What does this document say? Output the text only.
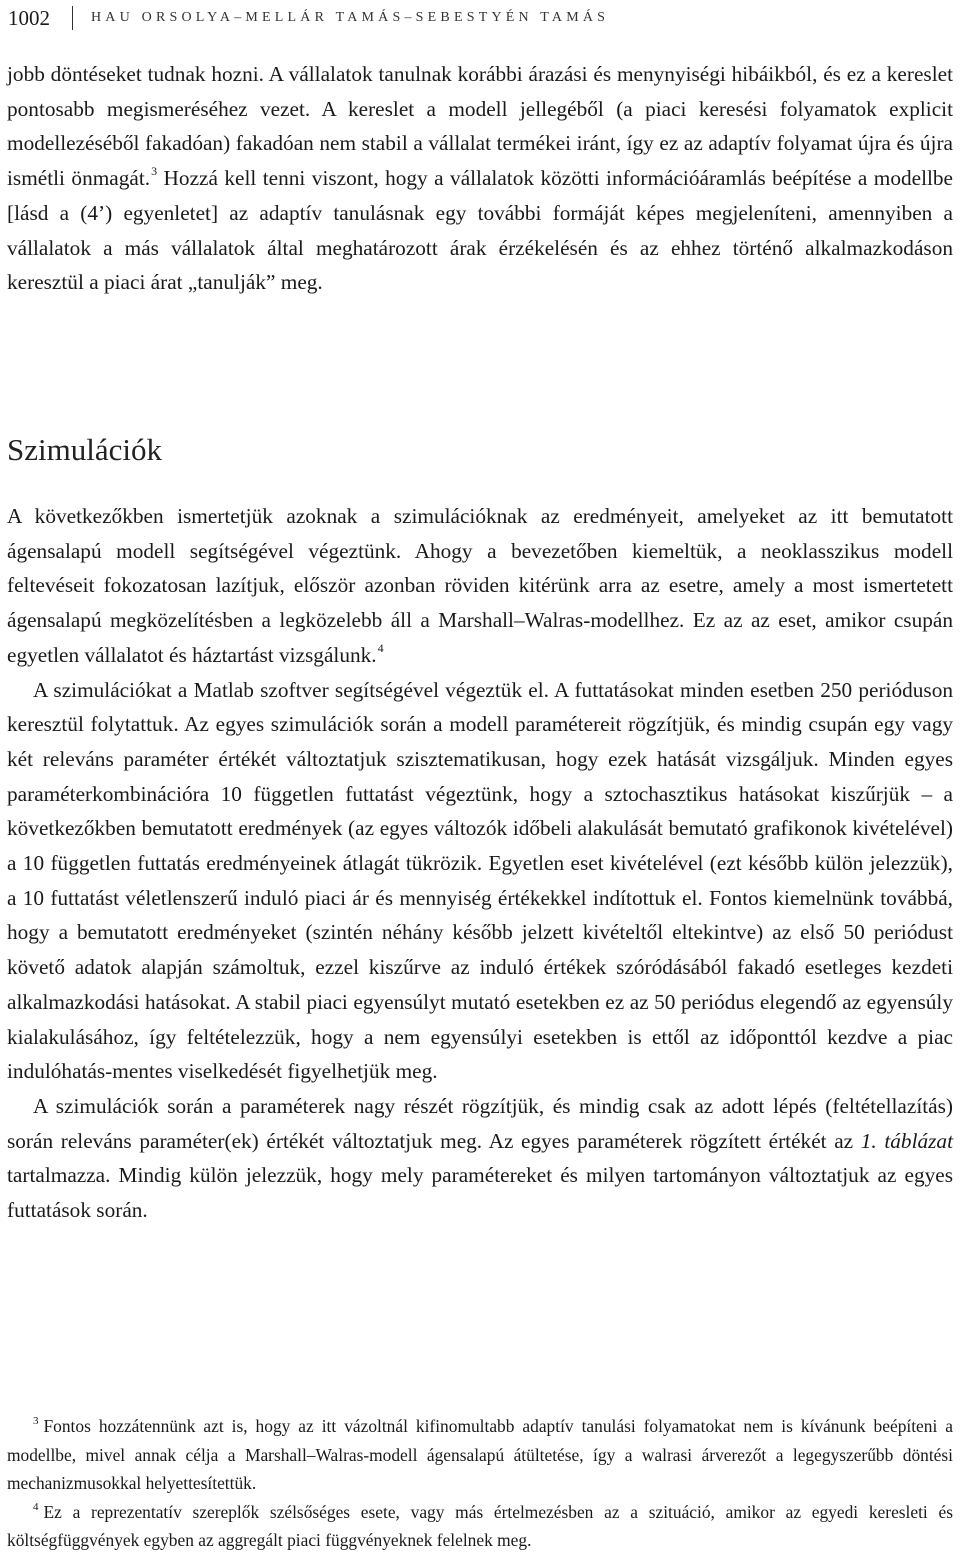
1002	HAU ORSOLYA–MELLÁR TAMÁS–SEBESTYÉN TAMÁS

jobb döntéseket tudnak hozni. A vállalatok tanulnak korábbi árazási és menynyiségi hibáikból, és ez a kereslet pontosabb megismeréséhez vezet. A kereslet a modell jellegéből (a piaci keresési folyamatok explicit modellezéséből fakadóan) fakadóan nem stabil a vállalat termékei iránt, így ez az adaptív folyamat újra és újra ismétli önmagát.$^3$ Hozzá kell tenni viszont, hogy a vállalatok közötti információáramlás beépítése a modellbe [lásd a (4’) egyenletet] az adaptív tanulásnak egy további formáját képes megjeleníteni, amennyiben a vállalatok a más vállalatok által meghatározott árak érzékelésén és az ehhez történő alkalmazkodáson keresztül a piaci árat „tanulják” meg.

Szimulációk

A következőkben ismertetjük azoknak a szimulációknak az eredményeit, amelyeket az itt bemutatott ágensalapú modell segítségével végeztünk. Ahogy a bevezetőben kiemeltük, a neoklasszikus modell feltevéseit fokozatosan lazítjuk, először azonban röviden kitérünk arra az esetre, amely a most ismertetett ágensalapú megközelítésben a legközelebb áll a Marshall–Walras-modellhez. Ez az az eset, amikor csupán egyetlen vállalatot és háztartást vizsgálunk.$^4$

A szimulációkat a Matlab szoftver segítségével végeztük el. A futtatásokat minden esetben 250 perióduson keresztül folytattuk. Az egyes szimulációk során a modell paramétereit rögzítjük, és mindig csupán egy vagy két releváns paraméter értékét változtatjuk szisztematikusan, hogy ezek hatását vizsgáljuk. Minden egyes paraméterkombinációra 10 független futtatást végeztünk, hogy a sztochasztikus hatásokat kiszűrjük – a következőkben bemutatott eredmények (az egyes változók időbeli alakulását bemutató grafikonok kivételével) a 10 független futtatás eredményeinek átlagát tükrözik. Egyetlen eset kivételével (ezt később külön jelezzük), a 10 futtatást véletlenszerű induló piaci ár és mennyiség értékekkel indítottuk el. Fontos kiemelnünk továbbá, hogy a bemutatott eredményeket (szintén néhány később jelzett kivételtől eltekintve) az első 50 periódust követő adatok alapján számoltuk, ezzel kiszűrve az induló értékek szóródásából fakadó esetleges kezdeti alkalmazkodási hatásokat. A stabil piaci egyensúlyt mutató esetekben ez az 50 periódus elegendő az egyensúly kialakulásához, így feltételezzük, hogy a nem egyensúlyi esetekben is ettől az időponttól kezdve a piac indulóhatás-mentes viselkedését figyelhetjük meg.

A szimulációk során a paraméterek nagy részét rögzítjük, és mindig csak az adott lépés (feltétellazítás) során releváns paraméter(ek) értékét változtatjuk meg. Az egyes paraméterek rögzített értékét az 1. táblázat tartalmazza. Mindig külön jelezzük, hogy mely paramétereket és milyen tartományon változtatjuk az egyes futtatások során.

$^3$ Fontos hozzátennünk azt is, hogy az itt vázoltnál kifinomultabb adaptív tanulási folyamatokat nem is kívánunk beépíteni a modellbe, mivel annak célja a Marshall–Walras-modell ágensalapú átültetése, így a walrasi árverezőt a legegyszerűbb döntési mechanizmusokkal helyettesítettük.

$^4$ Ez a reprezentatív szereplők szélsőséges esete, vagy más értelmezésben az a szituáció, amikor az egyedi keresleti és költségfüggvények egyben az aggregált piaci függvényeknek felelnek meg.
